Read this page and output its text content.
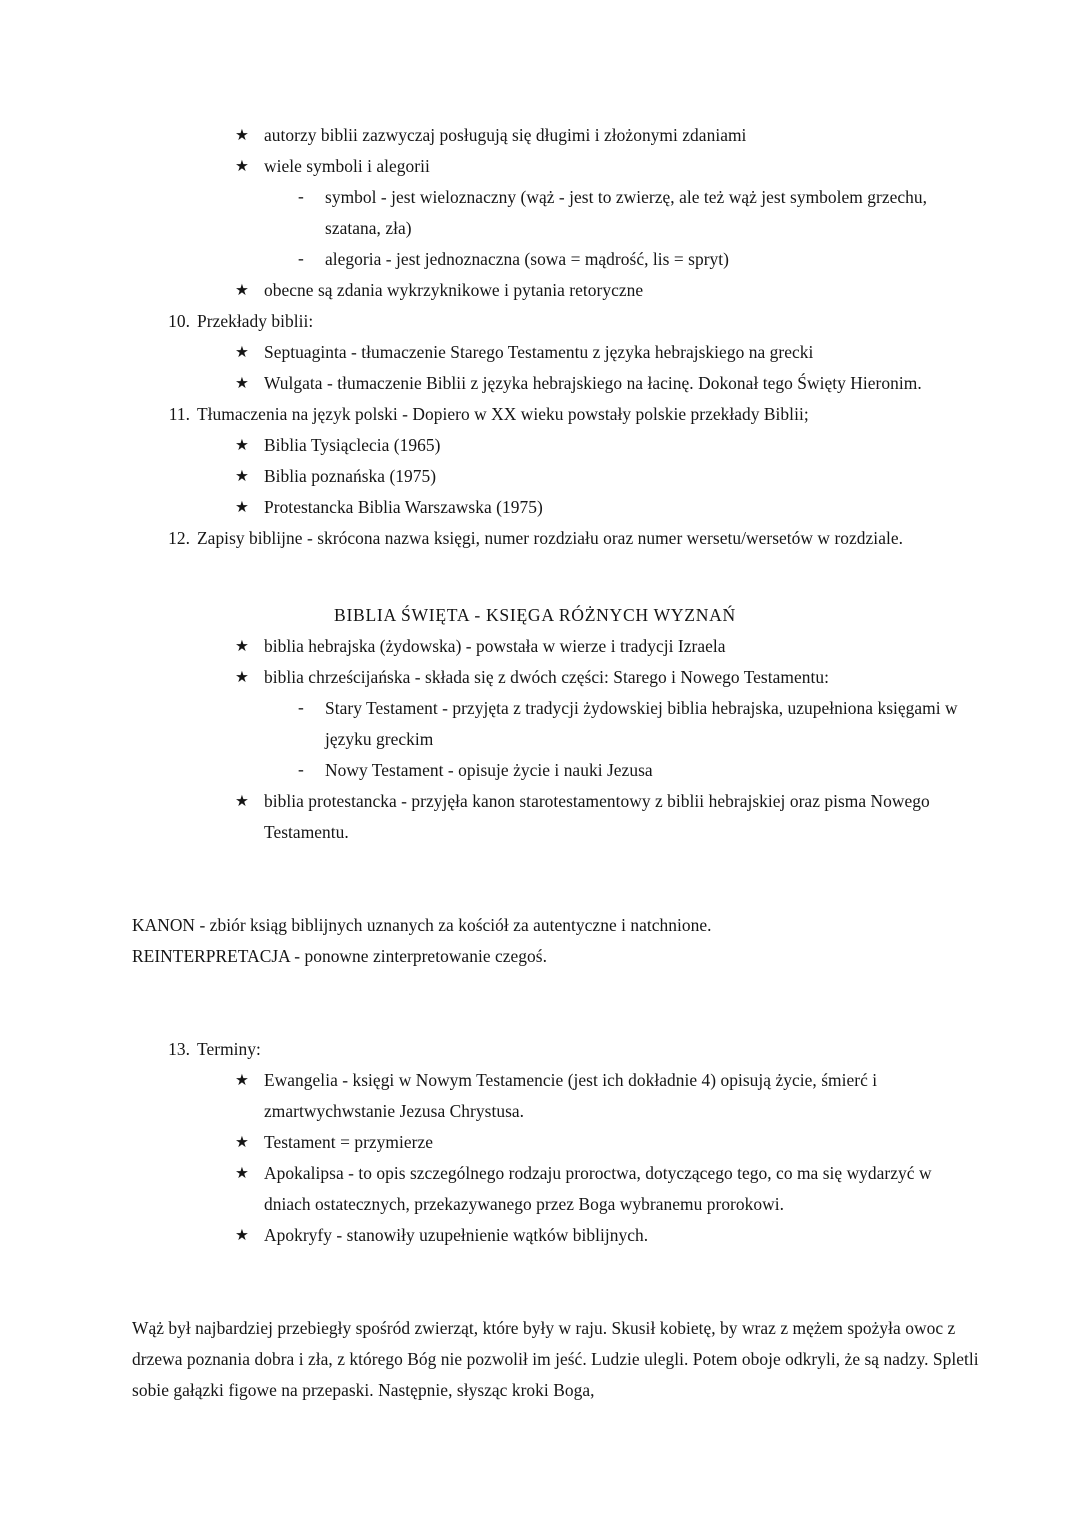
★ autorzy biblii zazwyczaj posługują się długimi i złożonymi zdaniami
★ wiele symboli i alegorii
- symbol - jest wieloznaczny (wąż - jest to zwierzę, ale też wąż jest symbolem grzechu, szatana, zła)
- alegoria - jest jednoznaczna (sowa = mądrość, lis = spryt)
★ obecne są zdania wykrzyknikowe i pytania retoryczne
10. Przekłady biblii:
★ Septuaginta - tłumaczenie Starego Testamentu z języka hebrajskiego na grecki
★ Wulgata - tłumaczenie Biblii z języka hebrajskiego na łacinę. Dokonał tego Święty Hieronim.
11. Tłumaczenia na język polski - Dopiero w XX wieku powstały polskie przekłady Biblii;
★ Biblia Tysiąclecia (1965)
★ Biblia poznańska (1975)
★ Protestancka Biblia Warszawska (1975)
12. Zapisy biblijne - skrócona nazwa księgi, numer rozdziału oraz numer wersetu/wersetów w rozdziale.
BIBLIA ŚWIĘTA - KSIĘGA RÓŻNYCH WYZNAŃ
★ biblia hebrajska (żydowska) - powstała w wierze i tradycji Izraela
★ biblia chrześcijańska - składa się z dwóch części: Starego i Nowego Testamentu:
- Stary Testament - przyjęta z tradycji żydowskiej biblia hebrajska, uzupełniona księgami w języku greckim
- Nowy Testament - opisuje życie i nauki Jezusa
★ biblia protestancka - przyjęła kanon starotestamentowy z biblii hebrajskiej oraz pisma Nowego Testamentu.
KANON - zbiór ksiąg biblijnych uznanych za kościół za autentyczne i natchnione.
REINTERPRETACJA - ponowne zinterpretowanie czegoś.
13. Terminy:
★ Ewangelia - księgi w Nowym Testamencie (jest ich dokładnie 4) opisują życie, śmierć i zmartwychwstanie Jezusa Chrystusa.
★ Testament = przymierze
★ Apokalipsa - to opis szczególnego rodzaju proroctwa, dotyczącego tego, co ma się wydarzyć w dniach ostatecznych, przekazywanego przez Boga wybranemu prorokowi.
★ Apokryfy - stanowiły uzupełnienie wątków biblijnych.
Wąż był najbardziej przebiegły spośród zwierząt, które były w raju. Skusił kobietę, by wraz z mężem spożyła owoc z drzewa poznania dobra i zła, z którego Bóg nie pozwolił im jeść. Ludzie ulegli. Potem oboje odkryli, że są nadzy. Spletli sobie gałązki figowe na przepaski. Następnie, słysząc kroki Boga,
